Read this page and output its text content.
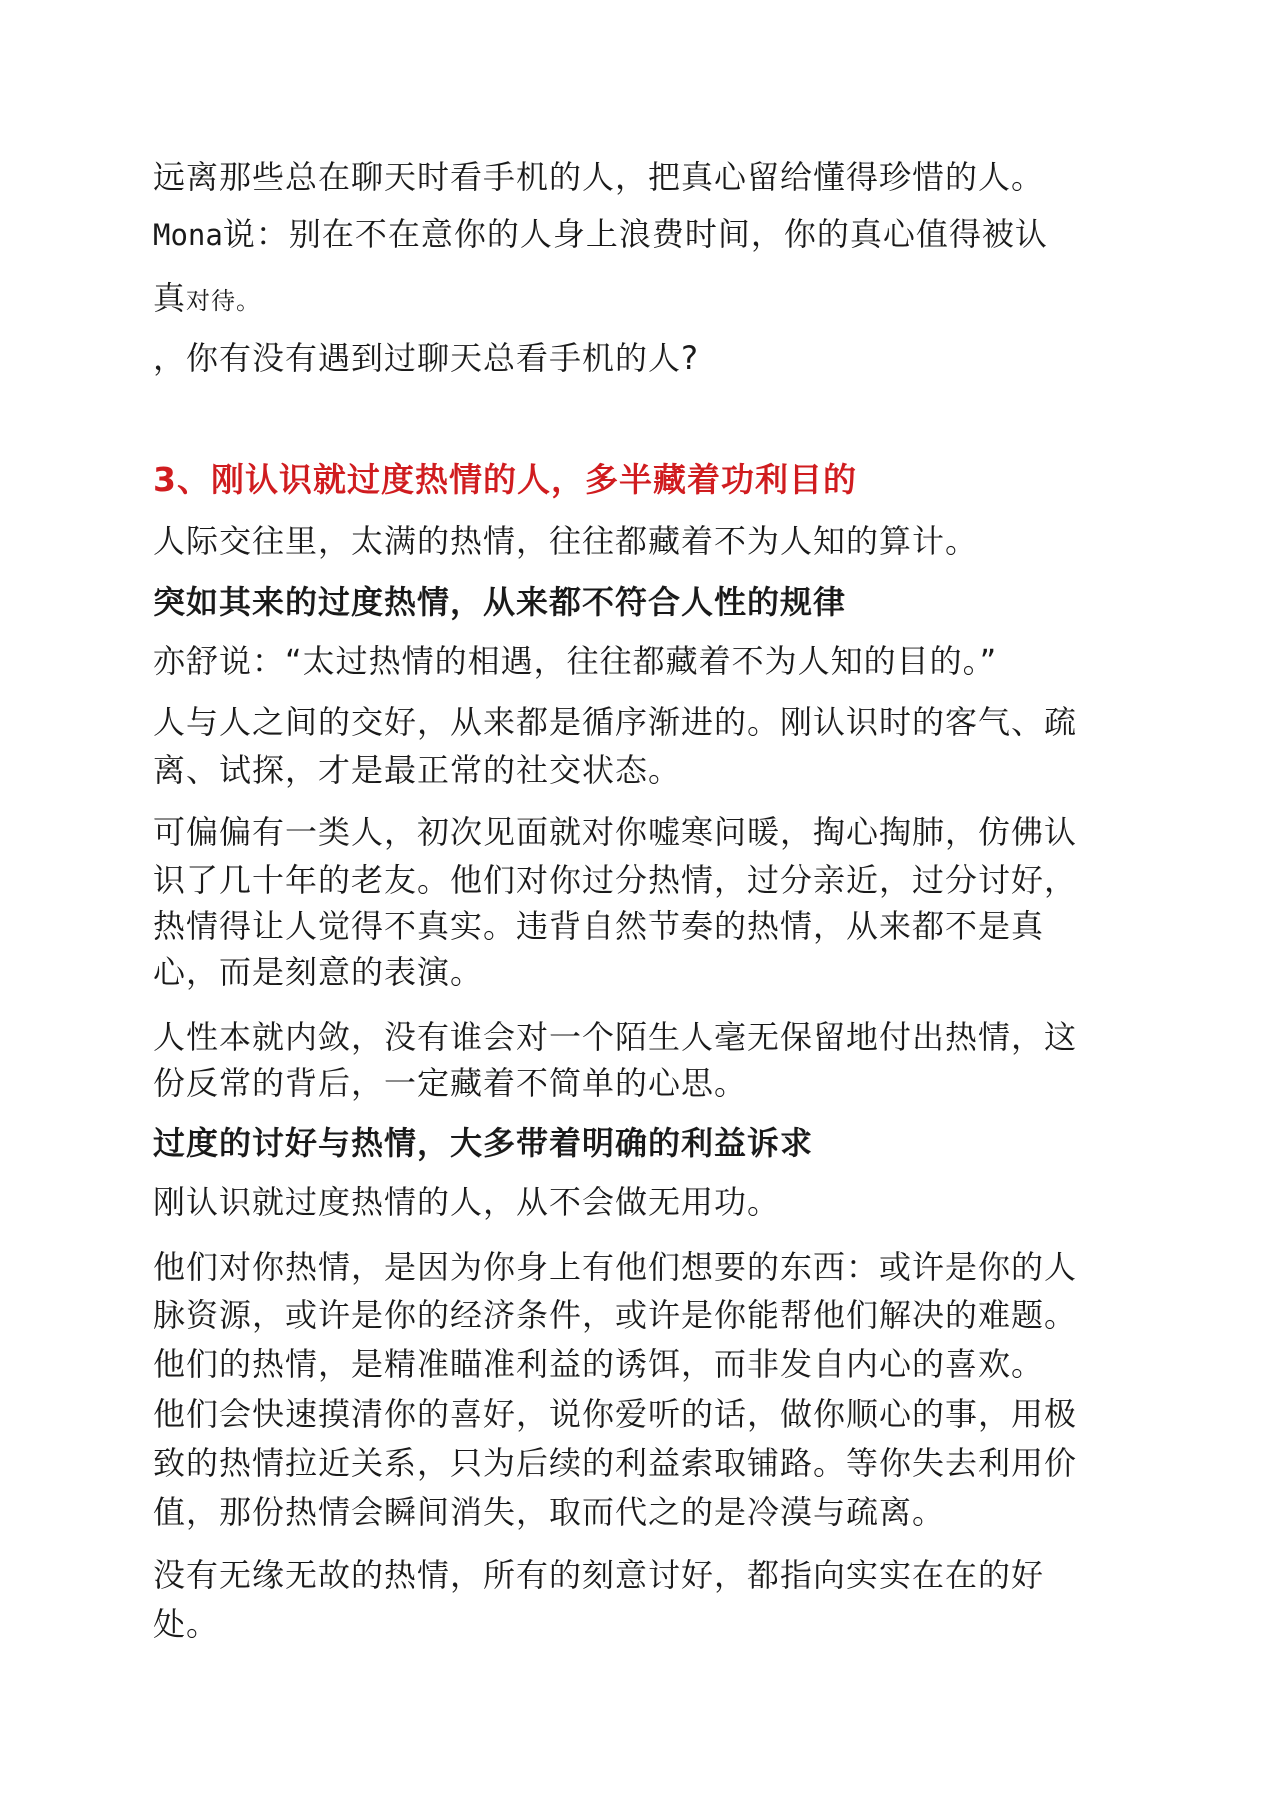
远离那些总在聊天时看手机的人，把真心留给懂得珍惜的人。
Mona说：别在不在意你的人身上浪费时间，你的真心值得被认
真对待。
，你有没有遇到过聊天总看手机的人?
3、刚认识就过度热情的人，多半藏着功利目的
人际交往里，太满的热情，往往都藏着不为人知的算计。
突如其来的过度热情，从来都不符合人性的规律
亦舒说：“太过热情的相遇，往往都藏着不为人知的目的。”
人与人之间的交好，从来都是循序渐进的。刚认识时的客气、疏
离、试探，才是最正常的社交状态。
可偏偏有一类人，初次见面就对你嘘寒问暖，掏心掏肺，仿佛认
识了几十年的老友。他们对你过分热情，过分亲近，过分讨好，
热情得让人觉得不真实。违背自然节奏的热情，从来都不是真
心，而是刻意的表演。
人性本就内敛，没有谁会对一个陌生人毫无保留地付出热情，这
份反常的背后，一定藏着不简单的心思。
过度的讨好与热情，大多带着明确的利益诉求
刚认识就过度热情的人，从不会做无用功。
他们对你热情，是因为你身上有他们想要的东西：或许是你的人
脉资源，或许是你的经济条件，或许是你能帮他们解决的难题。
他们的热情，是精准瞄准利益的诱饵，而非发自内心的喜欢。
他们会快速摸清你的喜好，说你爱听的话，做你顺心的事，用极
致的热情拉近关系，只为后续的利益索取铺路。等你失去利用价
值，那份热情会瞬间消失，取而代之的是冷漠与疏离。
没有无缘无故的热情，所有的刻意讨好，都指向实实在在的好
处。
